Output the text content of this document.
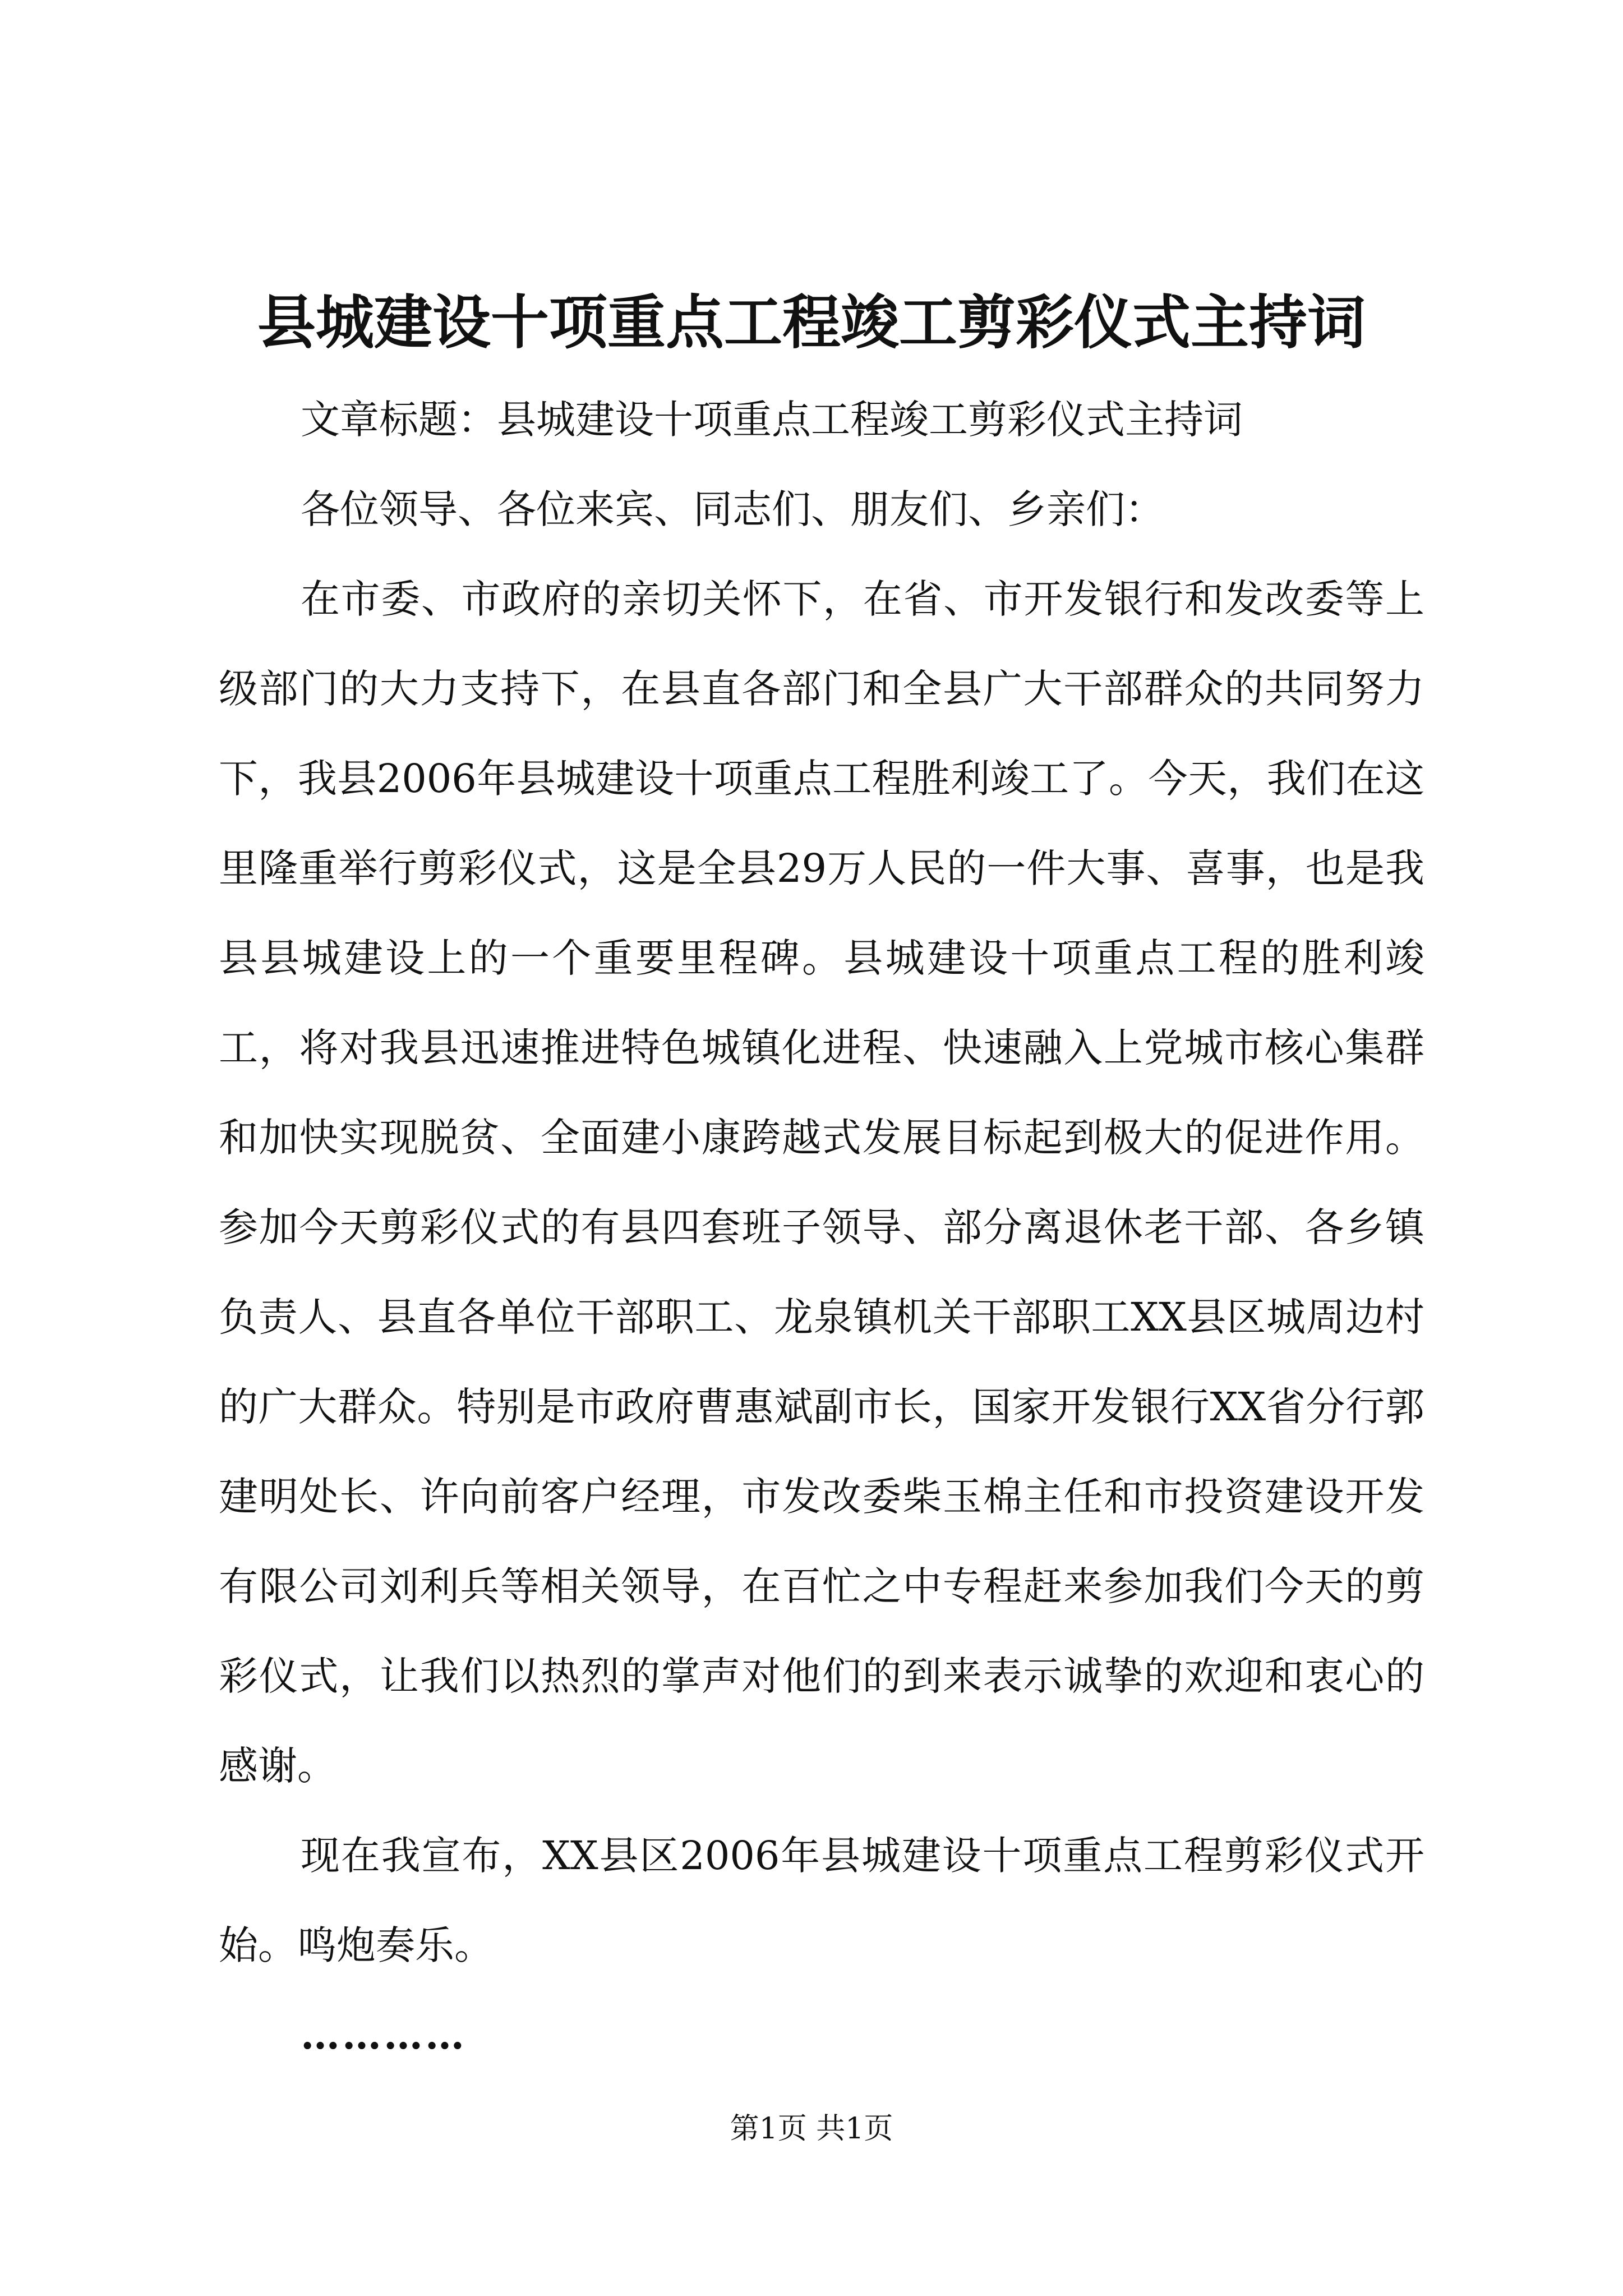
县城建设十项重点工程竣工剪彩仪式主持词

文章标题：县城建设十项重点工程竣工剪彩仪式主持词

各位领导、各位来宾、同志们、朋友们、乡亲们：

在市委、市政府的亲切关怀下，在省、市开发银行和发改委等上级部门的大力支持下，在县直各部门和全县广大干部群众的共同努力下，我县2006年县城建设十项重点工程胜利竣工了。今天，我们在这里隆重举行剪彩仪式，这是全县29万人民的一件大事、喜事，也是我县县城建设上的一个重要里程碑。县城建设十项重点工程的胜利竣工，将对我县迅速推进特色城镇化进程、快速融入上党城市核心集群和加快实现脱贫、全面建小康跨越式发展目标起到极大的促进作用。参加今天剪彩仪式的有县四套班子领导、部分离退休老干部、各乡镇负责人、县直各单位干部职工、龙泉镇机关干部职工XX县区城周边村的广大群众。特别是市政府曹惠斌副市长，国家开发银行XX省分行郭建明处长、许向前客户经理，市发改委柴玉棉主任和市投资建设开发有限公司刘利兵等相关领导，在百忙之中专程赶来参加我们今天的剪彩仪式，让我们以热烈的掌声对他们的到来表示诚挚的欢迎和衷心的感谢。

现在我宣布，XX县区2006年县城建设十项重点工程剪彩仪式开始。鸣炮奏乐。

…………

第1页 共1页
